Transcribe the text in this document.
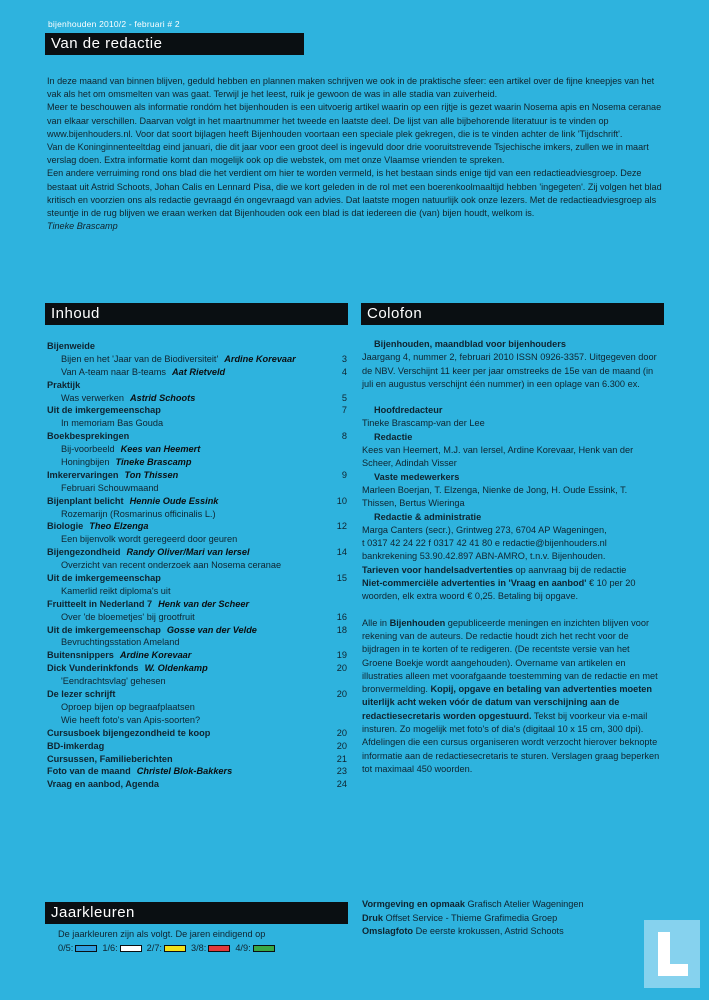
bijenhouden 2010/2 - februari # 2
Van de redactie

In deze maand van binnen blijven, geduld hebben en plannen maken schrijven we ook in de praktische sfeer: een artikel over de fijne kneepjes van het vak als het om omsmelten van was gaat. Terwijl je het leest, ruik je gewoon de was in alle stadia van zuiverheid.

Meer te beschouwen als informatie rondóm het bijenhouden is een uitvoerig artikel waarin op een rijtje is gezet waarin Nosema apis en Nosema ceranae van elkaar verschillen. Daarvan volgt in het maartnummer het tweede en laatste deel. De lijst van alle bijbehorende literatuur is te vinden op www.bijenhouders.nl. Voor dat soort bijlagen heeft Bijenhouden voortaan een speciale plek gekregen, die is te vinden achter de link 'Tijdschrift'.

Van de Koninginnenteeltdag eind januari, die dit jaar voor een groot deel is ingevuld door drie vooruitstrevende Tsjechische imkers, zullen we in maart verslag doen. Extra informatie komt dan mogelijk ook op die webstek, om met onze Vlaamse vrienden te spreken.

Een andere verruiming rond ons blad die het verdient om hier te worden vermeld, is het bestaan sinds enige tijd van een redactieadviesgroep. Deze bestaat uit Astrid Schoots, Johan Calis en Lennard Pisa, die we kort geleden in de rol met een boerenkoolmaaltijd hebben 'ingegeten'. Zij volgen het blad kritisch en voorzien ons als redactie gevraagd én ongevraagd van advies. Dat laatste mogen natuurlijk ook onze lezers. Met de redactieadviesgroep als steuntje in de rug blijven we eraan werken dat Bijenhouden ook een blad is dat iedereen die (van) bijen houdt, welkom is.

Tineke Brascamp

Inhoud	Colofon
Bijenweide
Bijen en het 'Jaar van de Biodiversiteit' Ardine Korevaar	3
Van A-team naar B-teams Aat Rietveld	4
Praktijk
Was verwerken Astrid Schoots	5
Uit de imkergemeenschap	7
In memoriam Bas Gouda
Boekbesprekingen	8
Bij-voorbeeld Kees van Heemert
Honingbijen Tineke Brascamp
Imkerervaringen Ton Thissen	9
Februari Schouwmaand
Bijenplant belicht Hennie Oude Essink	10
Rozemarijn (Rosmarinus officinalis L.)
Biologie Theo Elzenga	12
Een bijenvolk wordt geregeerd door geuren
Bijengezondheid Randy Oliver/Mari van Iersel	14
Overzicht van recent onderzoek aan Nosema ceranae
Uit de imkergemeenschap	15
Kamerlid reikt diploma's uit
Fruitteelt in Nederland 7 Henk van der Scheer
Over 'de bloemetjes' bij grootfruit	16
Uit de imkergemeenschap Gosse van der Velde	18
Bevruchtingsstation Ameland
Buitensnippers Ardine Korevaar	19
Dick Vunderinkfonds W. Oldenkamp	20
'Eendrachtsvlag' gehesen
De lezer schrijft	20
Oproep bijen op begraafplaatsen
Wie heeft foto's van Apis-soorten?
Cursusboek bijengezondheid te koop	20
BD-imkerdag	20
Cursussen, Familieberichten	21
Foto van de maand Christel Blok-Bakkers	23
Vraag en aanbod, Agenda	24
Bijenhouden, maandblad voor bijenhouders
Jaargang 4, nummer 2, februari 2010 ISSN 0926-3357. Uitgegeven door de NBV. Verschijnt 11 keer per jaar omstreeks de 15e van de maand (in juli en augustus verschijnt één nummer) in een oplage van 6.300 ex.
Hoofdredacteur
Tineke Brascamp-van der Lee
Redactie
Kees van Heemert, M.J. van Iersel, Ardine Korevaar, Henk van der Scheer, Adindah Visser
Vaste medewerkers
Marleen Boerjan, T. Elzenga, Nienke de Jong, H. Oude Essink, T. Thissen, Bertus Wieringa
Redactie & administratie
Marga Canters (secr.), Grintweg 273, 6704 AP Wageningen,
t 0317 42 24 22 f 0317 42 41 80 e redactie@bijenhouders.nl
bankrekening 53.90.42.897 ABN-AMRO, t.n.v. Bijenhouden.
Tarieven voor handelsadvertenties op aanvraag bij de redactie
Niet-commerciële advertenties in 'Vraag en aanbod' € 10 per 20 woorden, elk extra woord € 0,25. Betaling bij opgave.
Alle in Bijenhouden gepubliceerde meningen en inzichten blijven voor rekening van de auteurs. De redactie houdt zich het recht voor de bijdragen in te korten of te redigeren. (De recentste versie van het Groene Boekje wordt aangehouden). Overname van artikelen en illustraties alleen met voorafgaande toestemming van de redactie en met bronvermelding. Kopij, opgave en betaling van advertenties moeten uiterlijk acht weken vóór de datum van verschijning aan de redactiesecretaris worden opgestuurd. Tekst bij voorkeur via e-mail insturen. Zo mogelijk met foto's of dia's (digitaal 10 x 15 cm, 300 dpi). Afdelingen die een cursus organiseren wordt verzocht hierover beknopte informatie aan de redactiesecretaris te sturen. Verslagen graag beperken tot maximaal 450 woorden.
Vormgeving en opmaak Grafisch Atelier Wageningen
Druk Offset Service - Thieme Grafimedia Groep
Omslagfoto De eerste krokussen, Astrid Schoots
Jaarkleuren
De jaarkleuren zijn als volgt. De jaren eindigend op
0/5:	1/6:	2/7:	3/8:	4/9:
